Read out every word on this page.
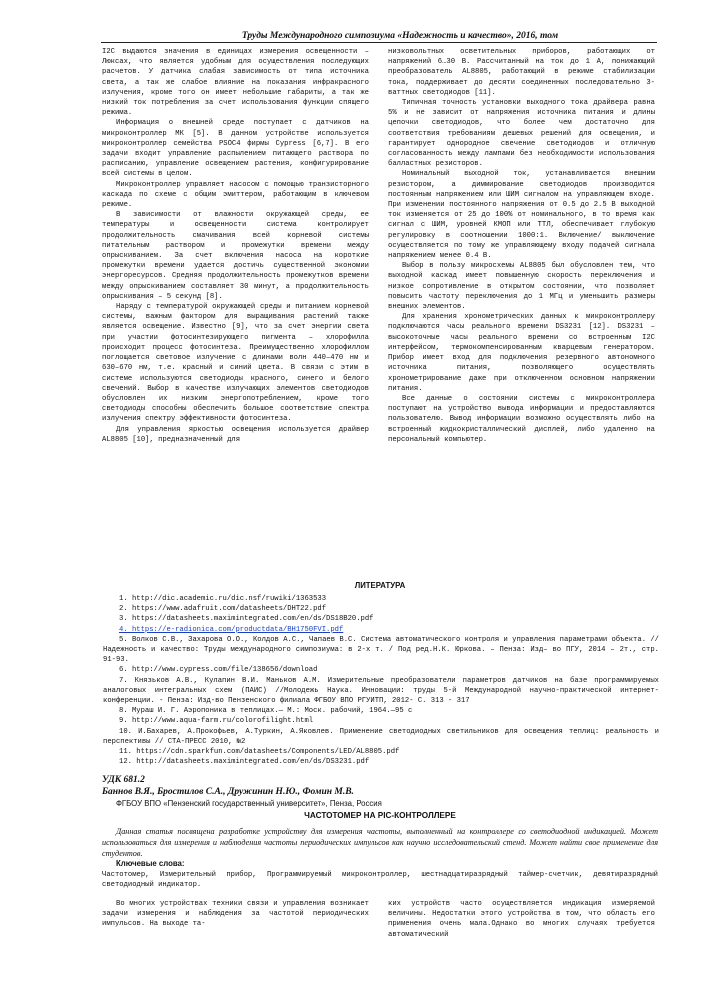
Труды Международного симпозиума «Надежность и качество», 2016, том

I2C выдаются значения в единицах измерения освещенности – Люксах, что является удобным для осуществления последующих расчетов. У датчика слабая зависимость от типа источника света, а так же слабое влияние на показания инфракрасного излучения, кроме того он имеет небольшие габариты, а так же низкий ток потребления за счет использования функции спящего режима.

Информация о внешней среде поступает с датчиков на микроконтроллер МК [5]. В данном устройстве используется микроконтроллер семейства PSOC4 фирмы Cypress [6,7]. В его задачи входит управление распылением питающего раствора по расписанию, управление освещением растения, конфигурирование всей системы в целом.

Микроконтроллер управляет насосом с помощью транзисторного каскада по схеме с общим эмиттером, работающим в ключевом режиме.

В зависимости от влажности окружающей среды, ее температуры и освещенности система контролирует продолжительность смачивания всей корневой системы питательным раствором и промежутки времени между опрыскиванием. За счет включения насоса на короткие промежутки времени удается достичь существенной экономии энергоресурсов. Средняя продолжительность промежутков времени между опрыскиванием составляет 30 минут, а продолжительность опрыскивания – 5 секунд [8].

Наряду с температурой окружающей среды и питанием корневой системы, важным фактором для выращивания растений также является освещение. Известно [9], что за счет энергии света при участии фотосинтезирующего пигмента – хлорофилла происходит процесс фотосинтеза. Преимущественно хлорофиллом поглощается световое излучение с длинами волн 440–470 нм и 630–670 нм, т.е. красный и синий цвета. В связи с этим в системе используются светодиоды красного, синего и белого свечений. Выбор в качестве излучающих элементов светодиодов обусловлен их низким энергопотреблением, кроме того светодиоды способны обеспечить большое соответствие спектра излучения спектру эффективности фотосинтеза.

Для управления яркостью освещения используется драйвер AL8805 [10], предназначенный для

низковольтных осветительных приборов, работающих от напряжений 6…30 В. Рассчитанный на ток до 1 А, понижающий преобразователь AL8805, работающий в режиме стабилизации тока, поддерживает до десяти соединенных последовательно 3-ваттных светодиодов [11].

Типичная точность установки выходного тока драйвера равна 5% и не зависит от напряжения источника питания и длины цепочки светодиодов, что более чем достаточно для соответствия требованиям дешевых решений для освещения, и гарантирует однородное свечение светодиодов и отличную согласованность между лампами без необходимости использования балластных резисторов.

Номинальный выходной ток, устанавливается внешним резистором, а диммирование светодиодов производится постоянным напряжением или ШИМ сигналом на управляющем входе. При изменении постоянного напряжения от 0.5 до 2.5 В выходной ток изменяется от 25 до 100% от номинального, в то время как сигнал с ШИМ, уровней КМОП или ТТЛ, обеспечивает глубокую регулировку в соотношении 1000:1. Включение/ выключение осуществляется по тому же управляющему входу подачей сигнала напряжением менее 0.4 В.

Выбор в пользу микросхемы AL8805 был обусловлен тем, что выходной каскад имеет повышенную скорость переключения и низкое сопротивление в открытом состоянии, что позволяет повысить частоту переключения до 1 МГц и уменьшить размеры внешних элементов.

Для хранения хронометрических данных к микроконтроллеру подключаются часы реального времени DS3231 [12]. DS3231 – высокоточные часы реального времени со встроенным I2C интерфейсом, термокомпенсированным кварцевым генератором. Прибор имеет вход для подключения резервного автономного источника питания, позволяющего осуществлять хронометрирование даже при отключенном основном напряжении питания.

Все данные о состоянии системы с микроконтроллера поступают на устройство вывода информации и предоставляются пользователю. Вывод информации возможно осуществлять либо на встроенный жидкокристаллический дисплей, либо удаленно на персональный компьютер.

ЛИТЕРАТУРА
1. http://dic.academic.ru/dic.nsf/ruwiki/1363533
2. https://www.adafruit.com/datasheets/DHT22.pdf
3. https://datasheets.maximintegrated.com/en/ds/DS18B20.pdf
4. https://e-radionica.com/productdata/BH1750FVI.pdf
5. Волков С.В., Захарова О.О., Колдов А.С., Чапаев В.С. Система автоматического контроля и управления параметрами объекта. // Надежность и качество: Труды международного симпозиума: в 2-х т. / Под ред.Н.К. Юркова. – Пенза: Изд– во ПГУ, 2014 – 2т., стр. 91-93.
6. http://www.cypress.com/file/138656/download
7. Князьков А.В., Кулапин В.И. Маньков А.М. Измерительные преобразователи параметров датчиков на базе программируемых аналоговых интегральных схем (ПАИС) //Молодежь Наука. Инновации: труды 5-й Международной научно-практической интернет-конференции. - Пенза: Изд-во Пензенского филиала ФГБОУ ВПО РГУИТП, 2012- С. 313 - 317
8. Мураш И. Г. Аэропоника в теплицах.— М.: Моск. рабочий, 1964.—95 с
9. http://www.aqua-farm.ru/colorofilight.html
10. И.Бахарев, А.Прокофьев, А.Туркин, А.Яковлев. Применение светодиодных светильников для освещения теплиц: реальность и перспективы // СТА-ПРЕСС 2010, №2
11. https://cdn.sparkfun.com/datasheets/Components/LED/AL8805.pdf
12. http://datasheets.maximintegrated.com/en/ds/DS3231.pdf
УДК 681.2
Баннов В.Я., Бростилов С.А., Дружинин Н.Ю., Фомин М.В.
ФГБОУ ВПО «Пензенский государственный университет», Пенза, Россия
ЧАСТОТОМЕР НА PIC-КОНТРОЛЛЕРЕ
Данная статья посвящена разработке устройству для измерения частоты, выполненный на контроллере со светодиодной индикацией. Может использоваться для измерения и наблюдения частоты периодических импульсов как научно исследовательский стенд. Может найти свое применение для студентов.
Ключевые слова:
Частотомер, Измерительный прибор, Программируемый микроконтроллер, шестнадцатиразрядный таймер-счетчик, девятиразрядный светодиодный индикатор.

Во многих устройствах техники связи и управления возникает задачи измерения и наблюдения за частотой периодических импульсов. На выходе та-

ких устройств часто осуществляется индикация измеряемой величины. Недостатки этого устройства в том, что область его применения очень мала.Однако во многих случаях требуется автоматический
